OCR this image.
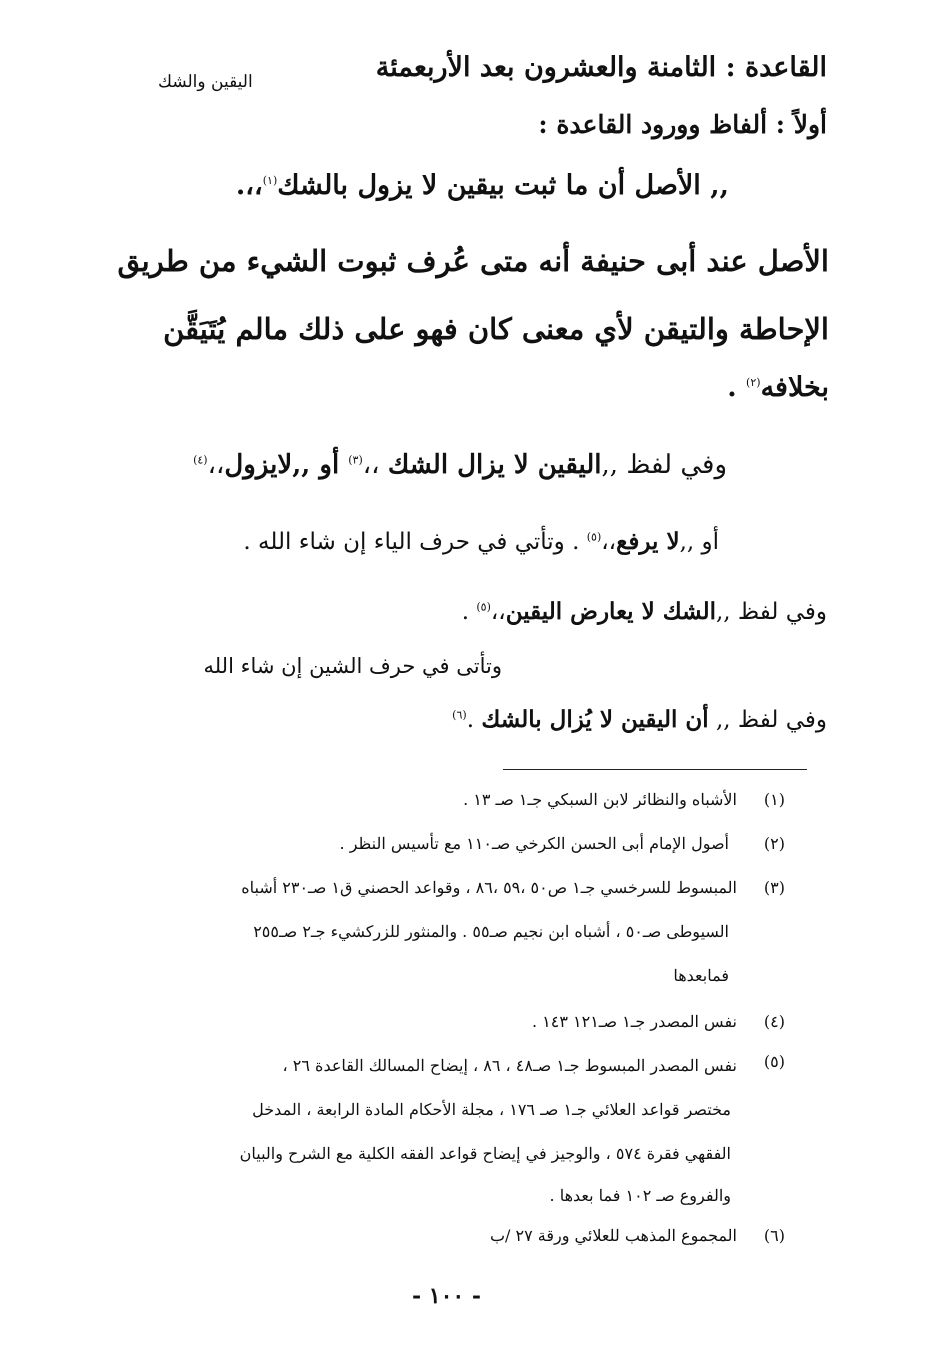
القاعدة : الثامنة والعشرون بعد الأربعمئة
اليقين والشك
أولاً : ألفاظ وورود القاعدة :
,, الأصل أن ما ثبت بيقين لا يزول بالشك$^{(١)}$،،.
الأصل عند أبى حنيفة أنه متى عُرف ثبوت الشيء من طريق
الإحاطة والتيقن لأي معنى كان فهو على ذلك مالم يُتَيَقَّن
بخلافه$^{(٢)}$ .
وفي لفظ ,,اليقين لا يزال الشك ،،$^{(٣)}$ أو ,,لايزول،،$^{(٤)}$
أو ,,لا يرفع،،$^{(٥)}$ . وتأتي في حرف الياء إن شاء الله .
وفي لفظ ,,الشك لا يعارض اليقين،،$^{(٥)}$ .
وتأتى في حرف الشين إن شاء الله
وفي لفظ ,, أن اليقين لا يُزال بالشك .$^{(٦)}$
(١)
الأشباه والنظائر لابن السبكي جـ١ صـ ١٣ .
(٢)
أصول الإمام أبى الحسن الكرخي صـ١١٠ مع تأسيس النظر .
(٣)
المبسوط للسرخسي جـ١ ص٥٠ ،٥٩ ،٨٦ ، وقواعد الحصني ق١ صـ٢٣٠ أشباه
السيوطى صـ٥٠ ، أشباه ابن نجيم صـ٥٥ . والمنثور للزركشيء جـ٢ صـ٢٥٥
فمابعدها
(٤)
نفس المصدر جـ١ صـ١٢١ ١٤٣ .
(٥)
نفس المصدر المبسوط جـ١ صـ٤٨ ، ٨٦ ، إيضاح المسالك القاعدة ٢٦ ،
مختصر قواعد العلائي جـ١ صـ ١٧٦ ، مجلة الأحكام المادة الرابعة ، المدخل
الفقهي فقرة ٥٧٤ ، والوجيز في إيضاح قواعد الفقه الكلية مع الشرح والبيان
والفروع صـ ١٠٢ فما بعدها .
(٦)
المجموع المذهب للعلائي ورقة ٢٧ /ب
- ١٠٠ -
